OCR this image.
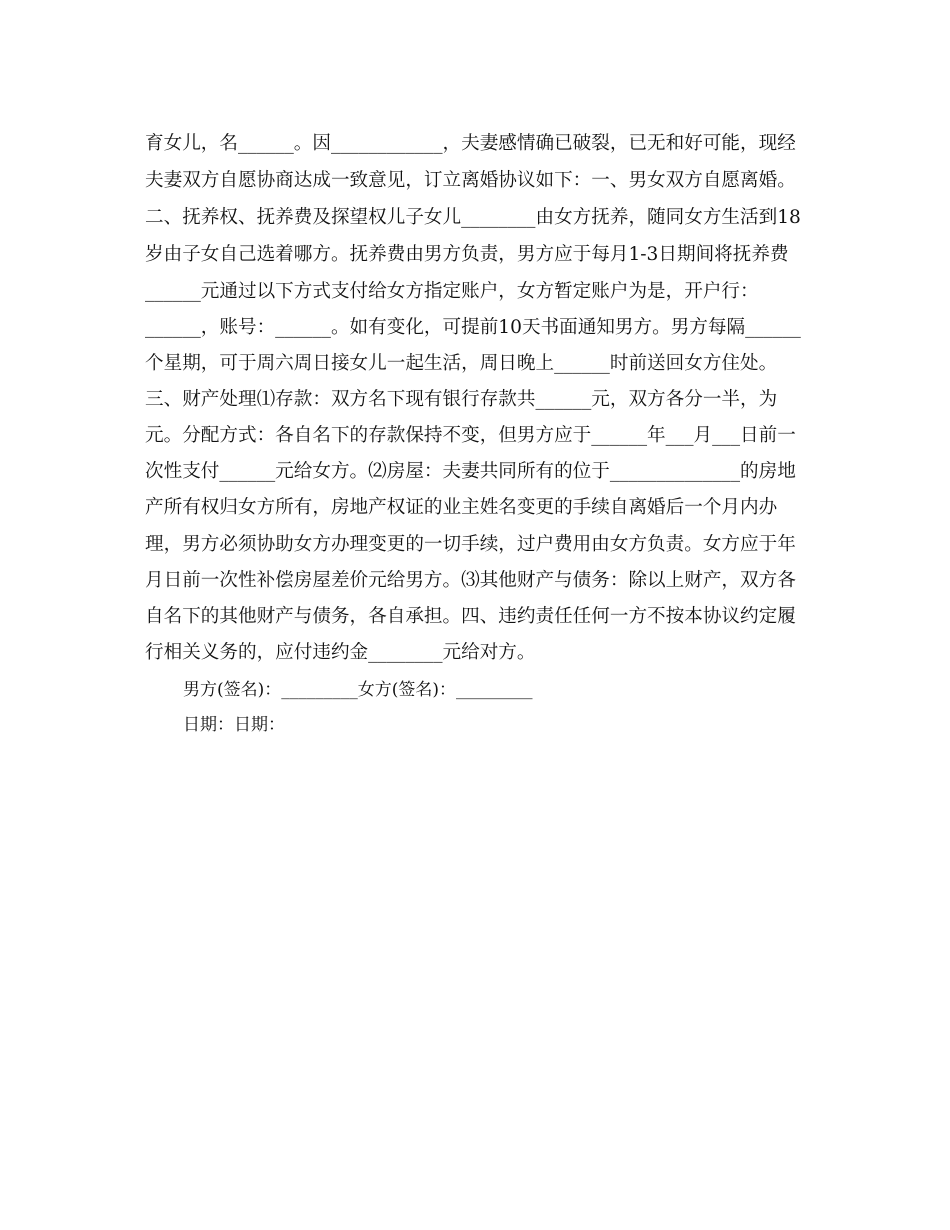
育女儿，名______。因____________，夫妻感情确已破裂，已无和好可能，现经
夫妻双方自愿协商达成一致意见，订立离婚协议如下：一、男女双方自愿离婚。
二、抚养权、抚养费及探望权儿子女儿________由女方抚养，随同女方生活到18
岁由子女自己选着哪方。抚养费由男方负责，男方应于每月1-3日期间将抚养费
______元通过以下方式支付给女方指定账户，女方暂定账户为是，开户行：
______，账号：______。如有变化，可提前10天书面通知男方。男方每隔______
个星期，可于周六周日接女儿一起生活，周日晚上______时前送回女方住处。
三、财产处理⑴存款：双方名下现有银行存款共______元，双方各分一半，为
元。分配方式：各自名下的存款保持不变，但男方应于______年___月___日前一
次性支付______元给女方。⑵房屋：夫妻共同所有的位于______________的房地
产所有权归女方所有，房地产权证的业主姓名变更的手续自离婚后一个月内办
理，男方必须协助女方办理变更的一切手续，过户费用由女方负责。女方应于年
月日前一次性补偿房屋差价元给男方。⑶其他财产与债务：除以上财产，双方各
自名下的其他财产与债务，各自承担。四、违约责任任何一方不按本协议约定履
行相关义务的，应付违约金________元给对方。
男方(签名)：_________女方(签名)：_________
日期：日期：
